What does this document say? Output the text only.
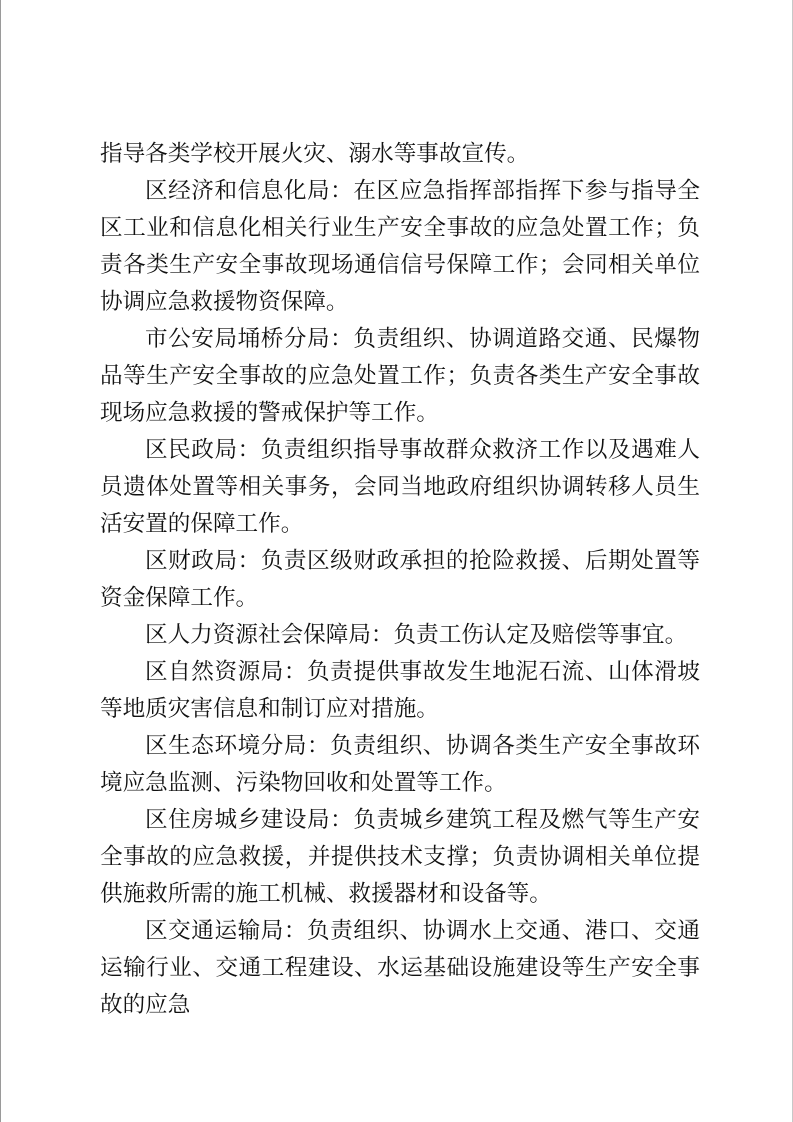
指导各类学校开展火灾、溺水等事故宣传。

区经济和信息化局：在区应急指挥部指挥下参与指导全区工业和信息化相关行业生产安全事故的应急处置工作；负责各类生产安全事故现场通信信号保障工作；会同相关单位协调应急救援物资保障。

市公安局埇桥分局：负责组织、协调道路交通、民爆物品等生产安全事故的应急处置工作；负责各类生产安全事故现场应急救援的警戒保护等工作。

区民政局：负责组织指导事故群众救济工作以及遇难人员遗体处置等相关事务，会同当地政府组织协调转移人员生活安置的保障工作。

区财政局：负责区级财政承担的抢险救援、后期处置等资金保障工作。

区人力资源社会保障局：负责工伤认定及赔偿等事宜。

区自然资源局：负责提供事故发生地泥石流、山体滑坡等地质灾害信息和制订应对措施。

区生态环境分局：负责组织、协调各类生产安全事故环境应急监测、污染物回收和处置等工作。

区住房城乡建设局：负责城乡建筑工程及燃气等生产安全事故的应急救援，并提供技术支撑；负责协调相关单位提供施救所需的施工机械、救援器材和设备等。

区交通运输局：负责组织、协调水上交通、港口、交通运输行业、交通工程建设、水运基础设施建设等生产安全事故的应急
